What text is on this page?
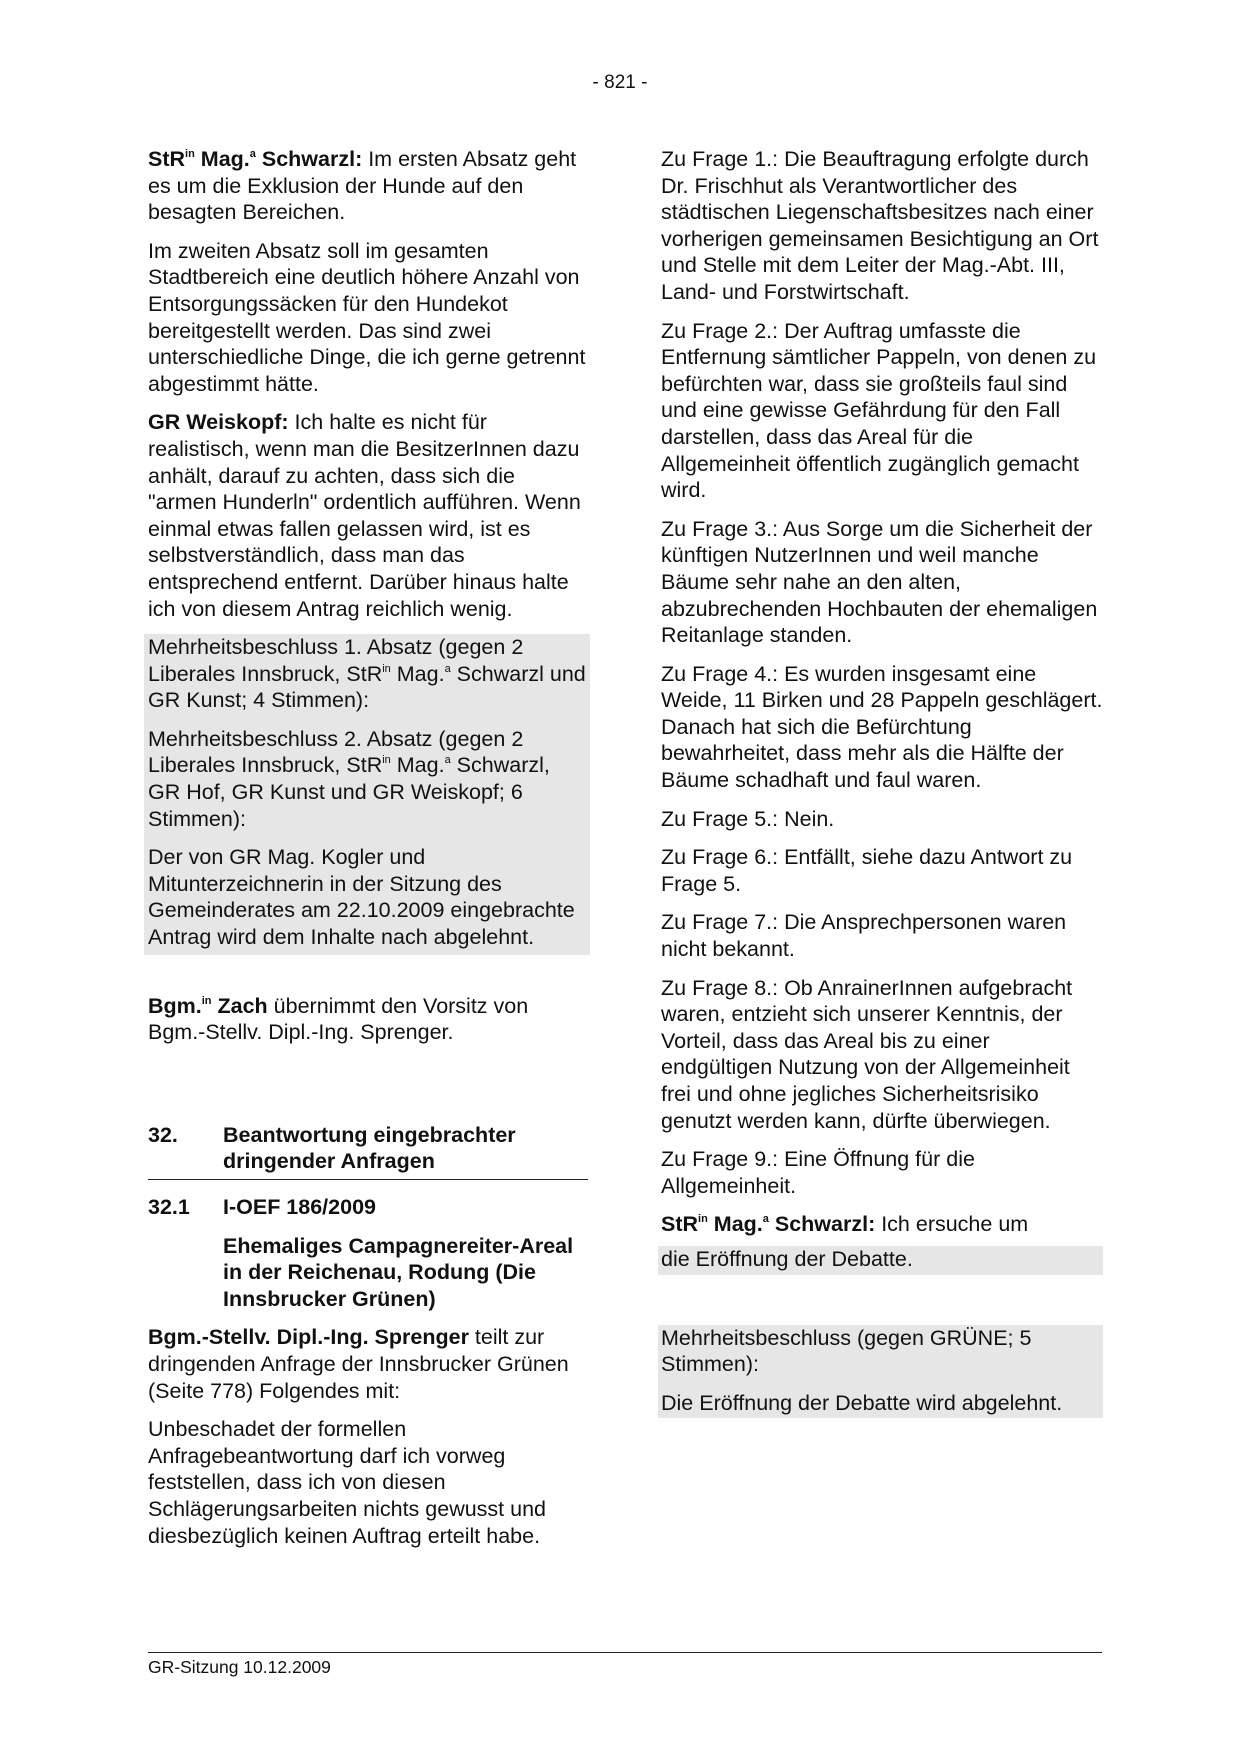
- 821 -

StR$^{in}$ Mag.$^a$ Schwarzl: Im ersten Absatz geht es um die Exklusion der Hunde auf den besagten Bereichen.

Im zweiten Absatz soll im gesamten Stadtbereich eine deutlich höhere Anzahl von Entsorgungssäcken für den Hundekot bereitgestellt werden. Das sind zwei unterschiedliche Dinge, die ich gerne getrennt abgestimmt hätte.

GR Weiskopf: Ich halte es nicht für realistisch, wenn man die BesitzerInnen dazu anhält, darauf zu achten, dass sich die "armen Hunderln" ordentlich aufführen. Wenn einmal etwas fallen gelassen wird, ist es selbstverständlich, dass man das entsprechend entfernt. Darüber hinaus halte ich von diesem Antrag reichlich wenig.

Mehrheitsbeschluss 1. Absatz (gegen 2 Liberales Innsbruck, StR$^{in}$ Mag.$^a$ Schwarzl und GR Kunst; 4 Stimmen):

Mehrheitsbeschluss 2. Absatz (gegen 2 Liberales Innsbruck, StR$^{in}$ Mag.$^a$ Schwarzl, GR Hof, GR Kunst und GR Weiskopf; 6 Stimmen):

Der von GR Mag. Kogler und Mitunterzeichnerin in der Sitzung des Gemeinderates am 22.10.2009 eingebrachte Antrag wird dem Inhalte nach abgelehnt.

Bgm.$^{in}$ Zach übernimmt den Vorsitz von Bgm.-Stellv. Dipl.-Ing. Sprenger.

32.	Beantwortung eingebrachter dringender Anfragen
32.1	I-OEF 186/2009
Ehemaliges Campagnereiter-Areal in der Reichenau, Rodung (Die Innsbrucker Grünen)

Bgm.-Stellv. Dipl.-Ing. Sprenger teilt zur dringenden Anfrage der Innsbrucker Grünen (Seite 778) Folgendes mit:

Unbeschadet der formellen Anfragebeantwortung darf ich vorweg feststellen, dass ich von diesen Schlägerungsarbeiten nichts gewusst und diesbezüglich keinen Auftrag erteilt habe.

Zu Frage 1.: Die Beauftragung erfolgte durch Dr. Frischhut als Verantwortlicher des städtischen Liegenschaftsbesitzes nach einer vorherigen gemeinsamen Besichtigung an Ort und Stelle mit dem Leiter der Mag.-Abt. III, Land- und Forstwirtschaft.

Zu Frage 2.: Der Auftrag umfasste die Entfernung sämtlicher Pappeln, von denen zu befürchten war, dass sie großteils faul sind und eine gewisse Gefährdung für den Fall darstellen, dass das Areal für die Allgemeinheit öffentlich zugänglich gemacht wird.

Zu Frage 3.: Aus Sorge um die Sicherheit der künftigen NutzerInnen und weil manche Bäume sehr nahe an den alten, abzubrechenden Hochbauten der ehemaligen Reitanlage standen.

Zu Frage 4.: Es wurden insgesamt eine Weide, 11 Birken und 28 Pappeln geschlägert. Danach hat sich die Befürchtung bewahrheitet, dass mehr als die Hälfte der Bäume schadhaft und faul waren.

Zu Frage 5.: Nein.

Zu Frage 6.: Entfällt, siehe dazu Antwort zu Frage 5.

Zu Frage 7.: Die Ansprechpersonen waren nicht bekannt.

Zu Frage 8.: Ob AnrainerInnen aufgebracht waren, entzieht sich unserer Kenntnis, der Vorteil, dass das Areal bis zu einer endgültigen Nutzung von der Allgemeinheit frei und ohne jegliches Sicherheitsrisiko genutzt werden kann, dürfte überwiegen.

Zu Frage 9.: Eine Öffnung für die Allgemeinheit.

StR$^{in}$ Mag.$^a$ Schwarzl: Ich ersuche um

die Eröffnung der Debatte.

Mehrheitsbeschluss (gegen GRÜNE; 5 Stimmen):

Die Eröffnung der Debatte wird abgelehnt.

GR-Sitzung 10.12.2009
